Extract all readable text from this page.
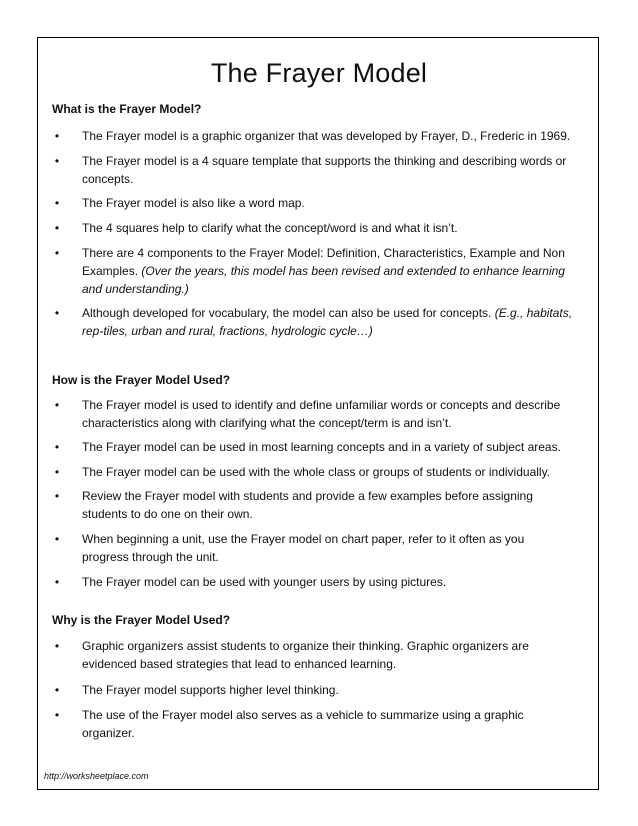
The Frayer Model
What is the Frayer Model?
• The Frayer model is a graphic organizer that was developed by Frayer, D., Frederic in 1969.
• The Frayer model is a 4 square template that supports the thinking and describing words or concepts.
• The Frayer model is also like a word map.
• The 4 squares help to clarify what the concept/word is and what it isn’t.
• There are 4 components to the Frayer Model: Definition, Characteristics, Example and Non Examples. (Over the years, this model has been revised and extended to enhance learning and understanding.)
• Although developed for vocabulary, the model can also be used for concepts. (E.g., habitats, rep-tiles, urban and rural, fractions, hydrologic cycle…)
How is the Frayer Model Used?
• The Frayer model is used to identify and define unfamiliar words or concepts and describe characteristics along with clarifying what the concept/term is and isn’t.
• The Frayer model can be used in most learning concepts and in a variety of subject areas.
• The Frayer model can be used with the whole class or groups of students or individually.
• Review the Frayer model with students and provide a few examples before assigning students to do one on their own.
• When beginning a unit, use the Frayer model on chart paper, refer to it often as you progress through the unit.
• The Frayer model can be used with younger users by using pictures.
Why is the Frayer Model Used?
• Graphic organizers assist students to organize their thinking. Graphic organizers are evidenced based strategies that lead to enhanced learning.
• The Frayer model supports higher level thinking.
• The use of the Frayer model also serves as a vehicle to summarize using a graphic organizer.
http://worksheetplace.com
